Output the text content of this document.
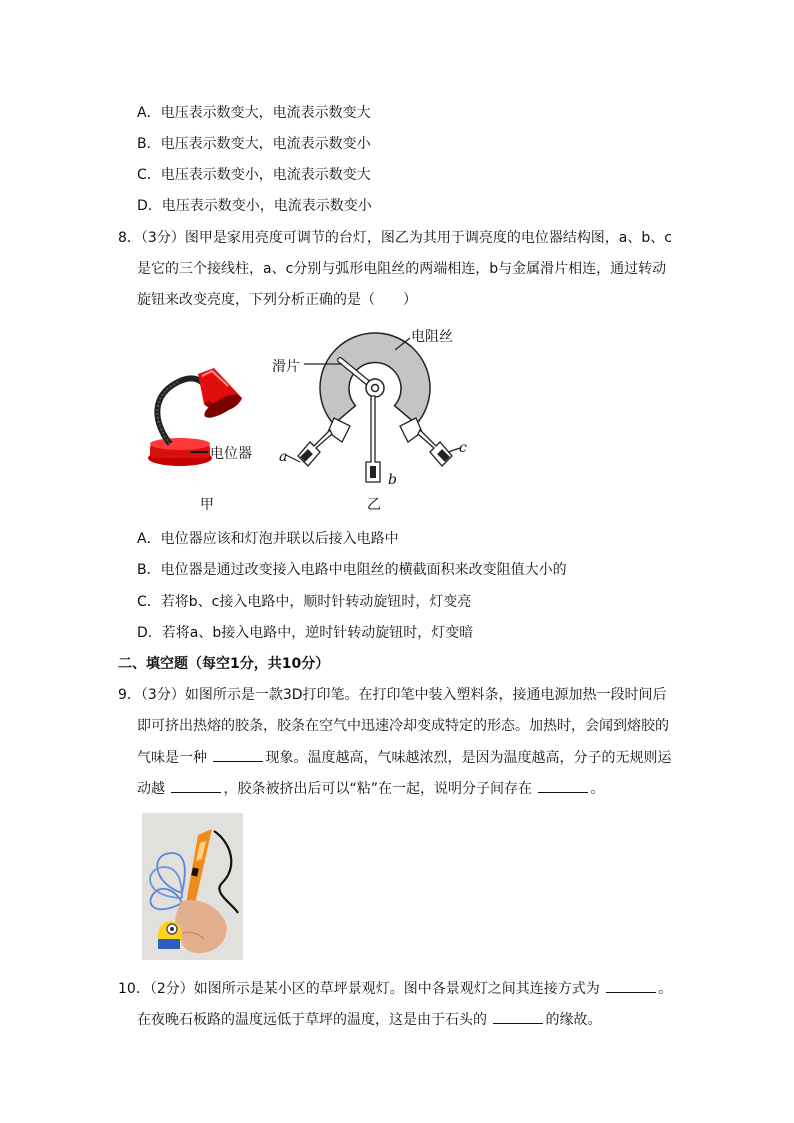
A．电压表示数变大，电流表示数变大
B．电压表示数变大，电流表示数变小
C．电压表示数变小，电流表示数变大
D．电压表示数变小，电流表示数变小
8．（3分）图甲是家用亮度可调节的台灯，图乙为其用于调亮度的电位器结构图，a、b、c
是它的三个接线柱，a、c分别与弧形电阻丝的两端相连，b与金属滑片相连，通过转动
旋钮来改变亮度，下列分析正确的是（　　）
电位器
甲
电阻丝
滑片
a
b
c
乙
A．电位器应该和灯泡并联以后接入电路中
B．电位器是通过改变接入电路中电阻丝的横截面积来改变阻值大小的
C．若将b、c接入电路中，顺时针转动旋钮时，灯变亮
D．若将a、b接入电路中，逆时针转动旋钮时，灯变暗
二、填空题（每空1分，共10分）
9．（3分）如图所示是一款3D打印笔。在打印笔中装入塑料条，接通电源加热一段时间后
即可挤出热熔的胶条，胶条在空气中迅速冷却变成特定的形态。加热时，会闻到熔胶的
气味是一种	现象。温度越高，气味越浓烈，是因为温度越高，分子的无规则运
动越	，胶条被挤出后可以“粘”在一起，说明分子间存在	。
10．（2分）如图所示是某小区的草坪景观灯。图中各景观灯之间其连接方式为	。
在夜晚石板路的温度远低于草坪的温度，这是由于石头的	的缘故。
